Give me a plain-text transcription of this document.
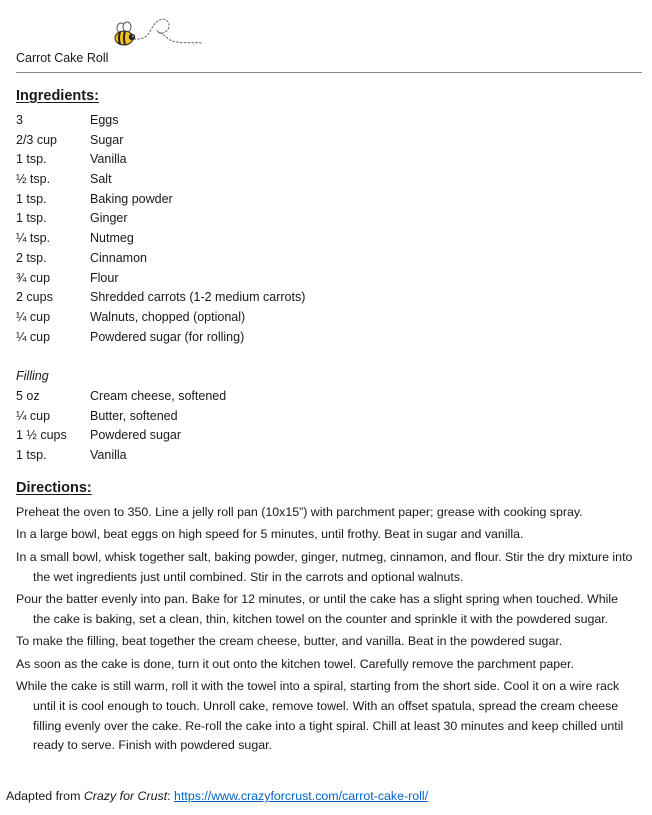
Carrot Cake Roll
Ingredients:
3	Eggs
2/3 cup	Sugar
1 tsp.	Vanilla
½ tsp.	Salt
1 tsp.	Baking powder
1 tsp.	Ginger
¼ tsp.	Nutmeg
2 tsp.	Cinnamon
¾ cup	Flour
2 cups	Shredded carrots (1-2 medium carrots)
¼ cup	Walnuts, chopped (optional)
¼ cup	Powdered sugar (for rolling)
Filling
5 oz	Cream cheese, softened
¼ cup	Butter, softened
1 ½ cups Powdered sugar
1 tsp.	Vanilla
Directions:

Preheat the oven to 350. Line a jelly roll pan (10x15”) with parchment paper; grease with cooking spray.

In a large bowl, beat eggs on high speed for 5 minutes, until frothy. Beat in sugar and vanilla.

In a small bowl, whisk together salt, baking powder, ginger, nutmeg, cinnamon, and flour. Stir the dry mixture into the wet ingredients just until combined. Stir in the carrots and optional walnuts.

Pour the batter evenly into pan. Bake for 12 minutes, or until the cake has a slight spring when touched. While the cake is baking, set a clean, thin, kitchen towel on the counter and sprinkle it with the powdered sugar.

To make the filling, beat together the cream cheese, butter, and vanilla. Beat in the powdered sugar.

As soon as the cake is done, turn it out onto the kitchen towel. Carefully remove the parchment paper.

While the cake is still warm, roll it with the towel into a spiral, starting from the short side. Cool it on a wire rack until it is cool enough to touch. Unroll cake, remove towel. With an offset spatula, spread the cream cheese filling evenly over the cake. Re-roll the cake into a tight spiral. Chill at least 30 minutes and keep chilled until ready to serve. Finish with powdered sugar.

Adapted from Crazy for Crust: https://www.crazyforcrust.com/carrot-cake-roll/
